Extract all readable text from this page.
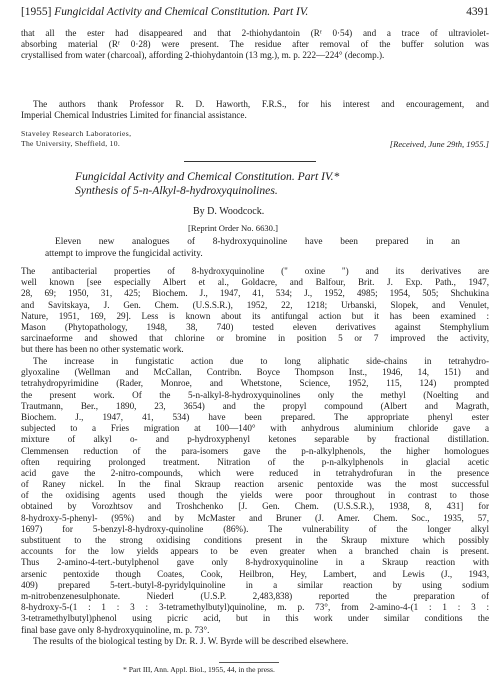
[1955] Fungicidal Activity and Chemical Constitution. Part IV.	4391
that all the ester had disappeared and that 2-thiohydantoin (Rᶠ 0·54) and a trace of ultraviolet-
absorbing material (Rᶠ 0·28) were present. The residue after removal of the buffer solution was
crystallised from water (charcoal), affording 2-thiohydantoin (13 mg.), m. p. 222—224° (decomp.).
The authors thank Professor R. D. Haworth, F.R.S., for his interest and encouragement, and
Imperial Chemical Industries Limited for financial assistance.
Staveley Research Laboratories,
The University, Sheffield, 10.	[Received, June 29th, 1955.]
Fungicidal Activity and Chemical Constitution. Part IV.*
Synthesis of 5-n-Alkyl-8-hydroxyquinolines.
By D. Woodcock.
[Reprint Order No. 6630.]
Eleven new analogues of 8-hydroxyquinoline have been prepared in an
attempt to improve the fungicidal activity.
The antibacterial properties of 8-hydroxyquinoline (" oxine ") and its derivatives are
well known [see especially Albert et al., Goldacre, and Balfour, Brit. J. Exp. Path., 1947,
28, 69; 1950, 31, 425; Biochem. J., 1947, 41, 534; J., 1952, 4985; 1954, 505; Shchukina
and Savitskaya, J. Gen. Chem. (U.S.S.R.), 1952, 22, 1218; Urbanski, Slopek, and Venulet,
Nature, 1951, 169, 29]. Less is known about its antifungal action but it has been examined :
Mason (Phytopathology, 1948, 38, 740) tested eleven derivatives against Stemphylium
sarcinaeforme and showed that chlorine or bromine in position 5 or 7 improved the activity,
but there has been no other systematic work.
The increase in fungistatic action due to long aliphatic side-chains in tetrahydro-
glyoxaline (Wellman and McCallan, Contribn. Boyce Thompson Inst., 1946, 14, 151) and
tetrahydropyrimidine (Rader, Monroe, and Whetstone, Science, 1952, 115, 124) prompted
the present work. Of the 5-n-alkyl-8-hydroxyquinolines only the methyl (Noelting and
Trautmann, Ber., 1890, 23, 3654) and the propyl compound (Albert and Magrath,
Biochem. J., 1947, 41, 534) have been prepared. The appropriate phenyl ester
subjected to a Fries migration at 100—140° with anhydrous aluminium chloride gave a
mixture of alkyl o- and p-hydroxyphenyl ketones separable by fractional distillation.
Clemmensen reduction of the para-isomers gave the p-n-alkylphenols, the higher homologues
often requiring prolonged treatment. Nitration of the p-n-alkylphenols in glacial acetic
acid gave the 2-nitro-compounds, which were reduced in tetrahydrofuran in the presence
of Raney nickel. In the final Skraup reaction arsenic pentoxide was the most successful
of the oxidising agents used though the yields were poor throughout in contrast to those
obtained by Vorozhtsov and Troshchenko [J. Gen. Chem. (U.S.S.R.), 1938, 8, 431] for
8-hydroxy-5-phenyl- (95%) and by McMaster and Bruner (J. Amer. Chem. Soc., 1935, 57,
1697) for 5-benzyl-8-hydroxy-quinoline (86%). The vulnerability of the longer alkyl
substituent to the strong oxidising conditions present in the Skraup mixture which possibly
accounts for the low yields appears to be even greater when a branched chain is present.
Thus 2-amino-4-tert.-butylphenol gave only 8-hydroxyquinoline in a Skraup reaction with
arsenic pentoxide though Coates, Cook, Heilbron, Hey, Lambert, and Lewis (J., 1943,
409) prepared 5-tert.-butyl-8-pyridylquinoline in a similar reaction by using sodium
m-nitrobenzenesulphonate. Niederl (U.S.P. 2,483,838) reported the preparation of
8-hydroxy-5-(1 : 1 : 3 : 3-tetramethylbutyl)quinoline, m. p. 73°, from 2-amino-4-(1 : 1 : 3 :
3-tetramethylbutyl)phenol using picric acid, but in this work under similar conditions the
final base gave only 8-hydroxyquinoline, m. p. 73°.
The results of the biological testing by Dr. R. J. W. Byrde will be described elsewhere.
* Part III, Ann. Appl. Biol., 1955, 44, in the press.
